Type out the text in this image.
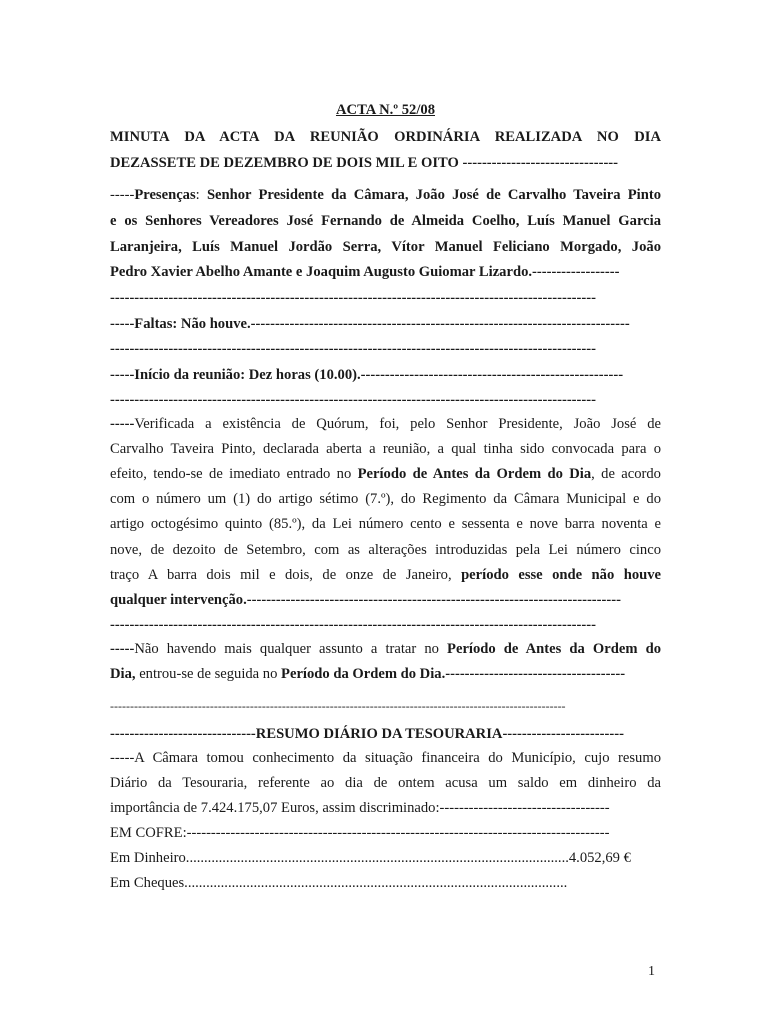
ACTA N.º 52/08
MINUTA DA ACTA DA REUNIÃO ORDINÁRIA REALIZADA NO DIA
DEZASSETE DE DEZEMBRO DE DOIS MIL E OITO --------------------------------
-----Presenças: Senhor Presidente da Câmara, João José de Carvalho Taveira Pinto
e os Senhores Vereadores José Fernando de Almeida Coelho, Luís Manuel Garcia
Laranjeira, Luís Manuel Jordão Serra, Vítor Manuel Feliciano Morgado, João
Pedro Xavier Abelho Amante e Joaquim Augusto Guiomar Lizardo.------------------
----------------------------------------------------------------------------------------------------
-----Faltas: Não houve.------------------------------------------------------------------------------
----------------------------------------------------------------------------------------------------
-----Início da reunião: Dez horas (10.00).------------------------------------------------------
----------------------------------------------------------------------------------------------------
-----Verificada a existência de Quórum, foi, pelo Senhor Presidente, João José de
Carvalho Taveira Pinto, declarada aberta a reunião, a qual tinha sido convocada para o
efeito, tendo-se de imediato entrado no Período de Antes da Ordem do Dia, de acordo
com o número um (1) do artigo sétimo (7.º), do Regimento da Câmara Municipal e do
artigo octogésimo quinto (85.º), da Lei número cento e sessenta e nove barra noventa e
nove, de dezoito de Setembro, com as alterações introduzidas pela Lei número cinco
traço A barra dois mil e dois, de onze de Janeiro, período esse onde não houve
qualquer intervenção.-----------------------------------------------------------------------------
----------------------------------------------------------------------------------------------------
-----Não havendo mais qualquer assunto a tratar no Período de Antes da Ordem do
Dia, entrou-se de seguida no Período da Ordem do Dia.-------------------------------------
------------------------------------------------------------------------------------------------------------------
------------------------------RESUMO DIÁRIO DA TESOURARIA-------------------------
-----A Câmara tomou conhecimento da situação financeira do Município, cujo resumo
Diário da Tesouraria, referente ao dia de ontem acusa um saldo em dinheiro da
importância de 7.424.175,07 Euros, assim discriminado:-----------------------------------
EM COFRE:---------------------------------------------------------------------------------------
Em Dinheiro.........................................................................................................4.052,69 €
Em Cheques.........................................................................................................
1
